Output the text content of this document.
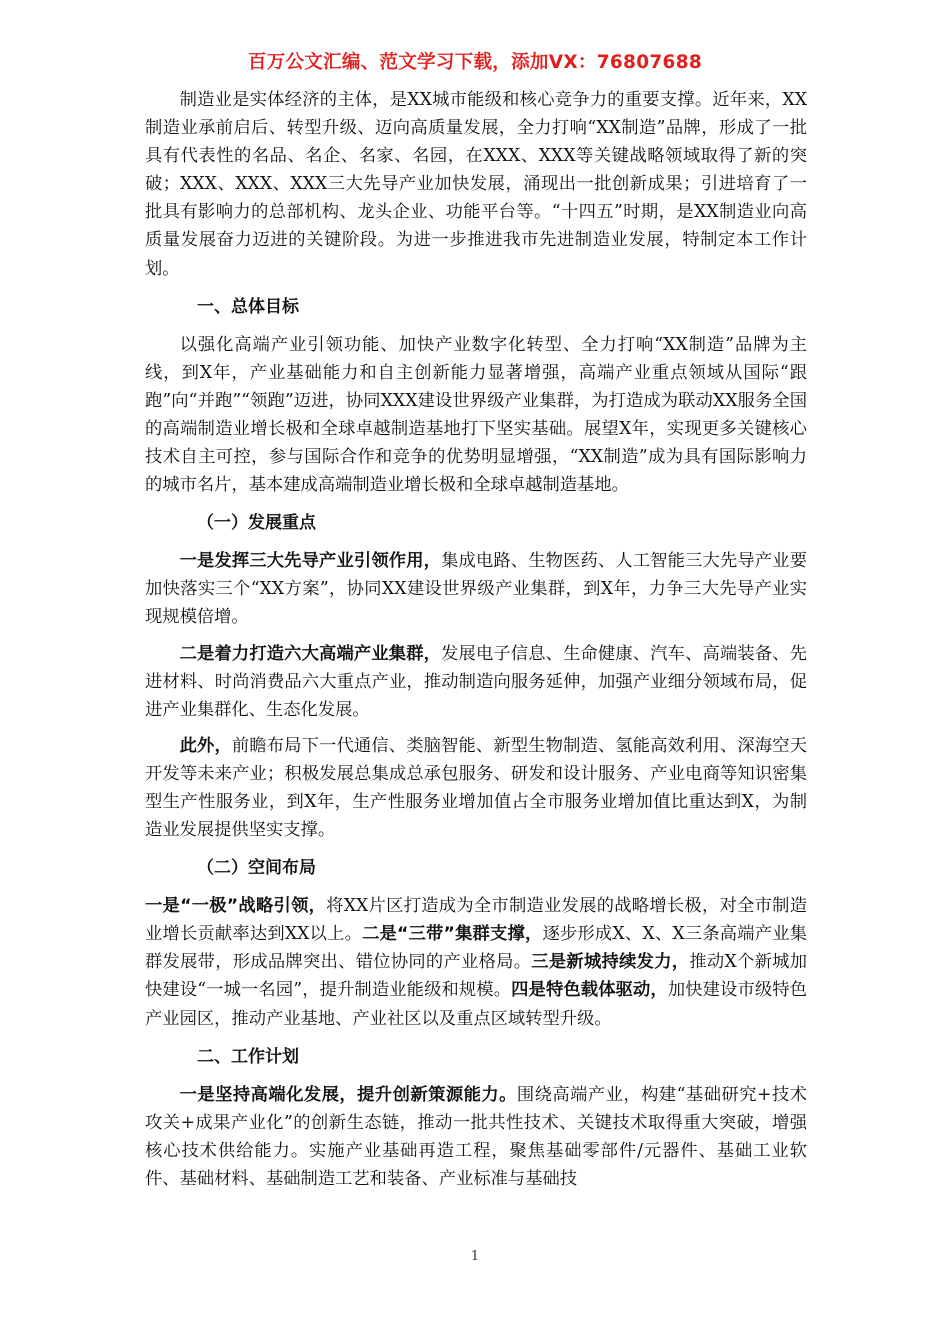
百万公文汇编、范文学习下载，添加VX：76807688

制造业是实体经济的主体，是XX城市能级和核心竞争力的重要支撑。近年来，XX制造业承前启后、转型升级、迈向高质量发展，全力打响“XX制造”品牌，形成了一批具有代表性的名品、名企、名家、名园，在XXX、XXX等关键战略领域取得了新的突破；XXX、XXX、XXX三大先导产业加快发展，涌现出一批创新成果；引进培育了一批具有影响力的总部机构、龙头企业、功能平台等。“十四五”时期，是XX制造业向高质量发展奋力迈进的关键阶段。为进一步推进我市先进制造业发展，特制定本工作计划。

一、总体目标

以强化高端产业引领功能、加快产业数字化转型、全力打响“XX制造”品牌为主线，到X年，产业基础能力和自主创新能力显著增强，高端产业重点领域从国际“跟跑”向“并跑”“领跑”迈进，协同XXX建设世界级产业集群，为打造成为联动XX服务全国的高端制造业增长极和全球卓越制造基地打下坚实基础。展望X年，实现更多关键核心技术自主可控，参与国际合作和竞争的优势明显增强，“XX制造”成为具有国际影响力的城市名片，基本建成高端制造业增长极和全球卓越制造基地。

（一）发展重点

一是发挥三大先导产业引领作用，集成电路、生物医药、人工智能三大先导产业要加快落实三个“XX方案”，协同XX建设世界级产业集群，到X年，力争三大先导产业实现规模倍增。

二是着力打造六大高端产业集群，发展电子信息、生命健康、汽车、高端装备、先进材料、时尚消费品六大重点产业，推动制造向服务延伸，加强产业细分领域布局，促进产业集群化、生态化发展。

此外，前瞻布局下一代通信、类脑智能、新型生物制造、氢能高效利用、深海空天开发等未来产业；积极发展总集成总承包服务、研发和设计服务、产业电商等知识密集型生产性服务业，到X年，生产性服务业增加值占全市服务业增加值比重达到X，为制造业发展提供坚实支撑。

（二）空间布局

一是“一极”战略引领，将XX片区打造成为全市制造业发展的战略增长极，对全市制造业增长贡献率达到XX以上。二是“三带”集群支撑，逐步形成X、X、X三条高端产业集群发展带，形成品牌突出、错位协同的产业格局。三是新城持续发力，推动X个新城加快建设“一城一名园”，提升制造业能级和规模。四是特色载体驱动，加快建设市级特色产业园区，推动产业基地、产业社区以及重点区域转型升级。

二、工作计划

一是坚持高端化发展，提升创新策源能力。围绕高端产业，构建“基础研究+技术攻关+成果产业化”的创新生态链，推动一批共性技术、关键技术取得重大突破，增强核心技术供给能力。实施产业基础再造工程，聚焦基础零部件/元器件、基础工业软件、基础材料、基础制造工艺和装备、产业标准与基础技

1
